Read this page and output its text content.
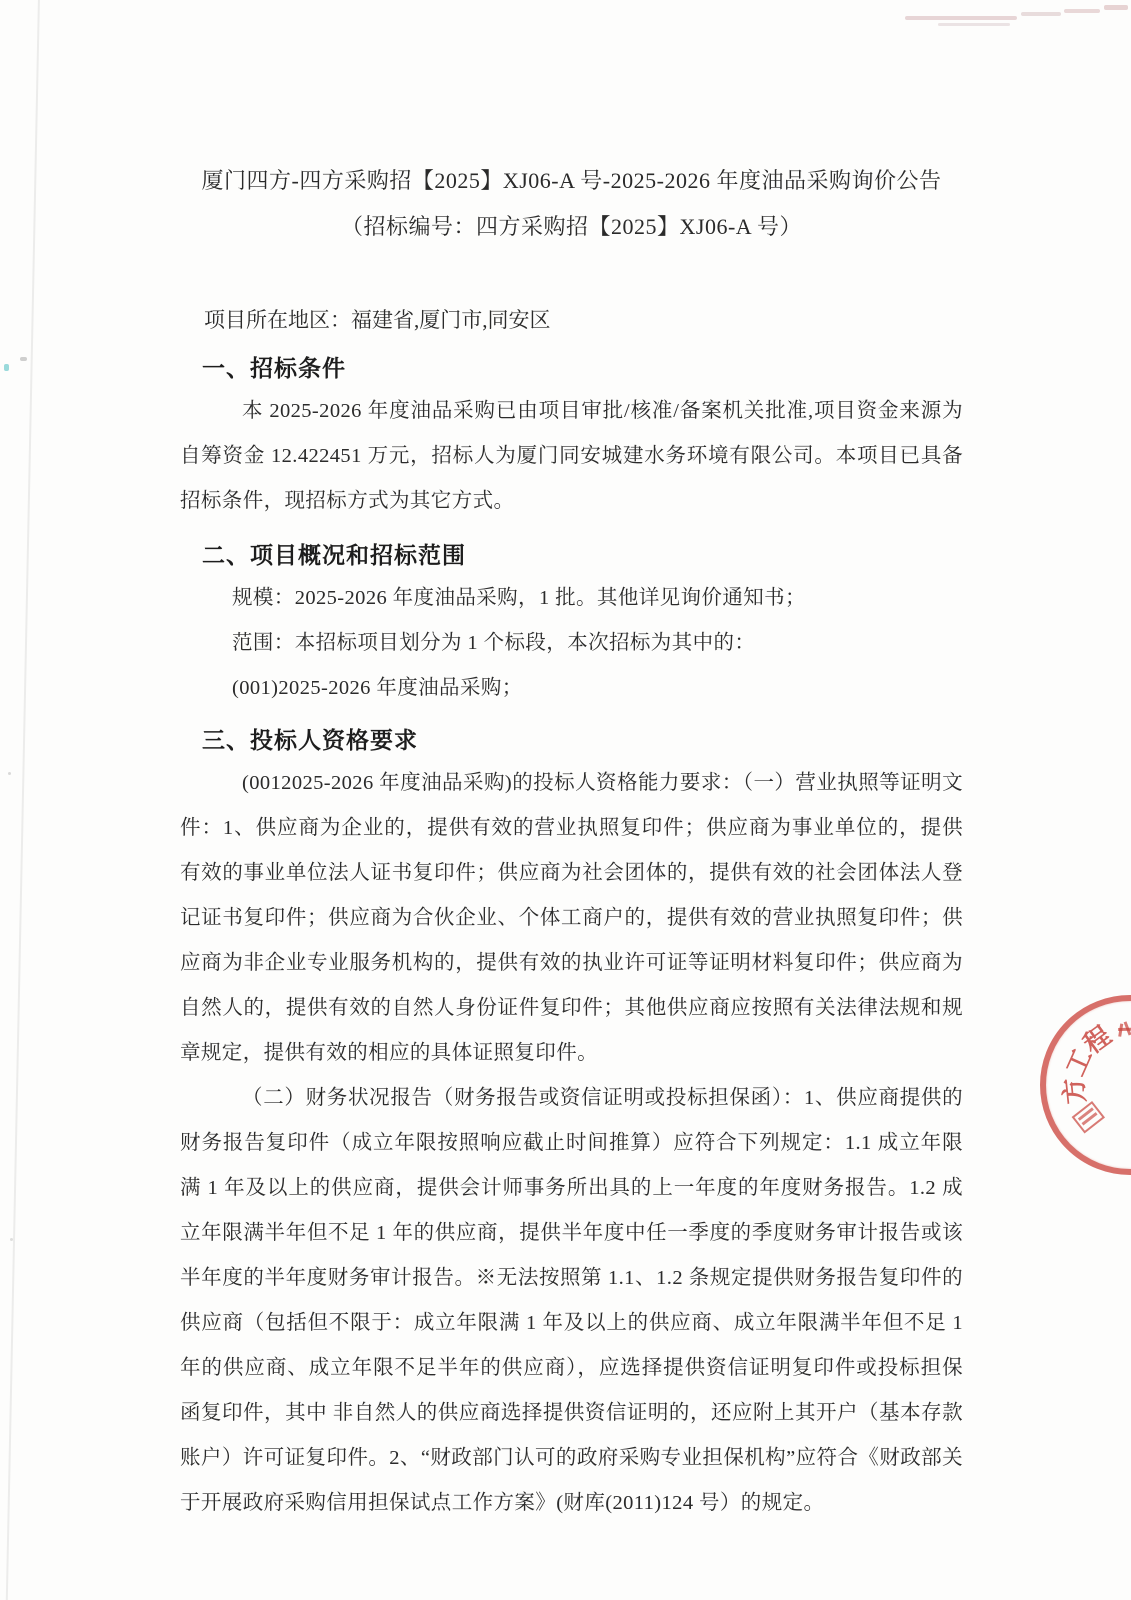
厦门四方-四方采购招【2025】XJ06-A 号-2025-2026 年度油品采购询价公告
（招标编号：四方采购招【2025】XJ06-A 号）
项目所在地区：福建省,厦门市,同安区
一、招标条件

本 2025-2026 年度油品采购已由项目审批/核准/备案机关批准,项目资金来源为自筹资金 12.422451 万元，招标人为厦门同安城建水务环境有限公司。本项目已具备招标条件，现招标方式为其它方式。

二、项目概况和招标范围
规模：2025-2026 年度油品采购，1 批。其他详见询价通知书；
范围：本招标项目划分为 1 个标段，本次招标为其中的：
(001)2025-2026 年度油品采购；
三、投标人资格要求

(0012025-2026 年度油品采购)的投标人资格能力要求：（一）营业执照等证明文件：1、供应商为企业的，提供有效的营业执照复印件；供应商为事业单位的，提供有效的事业单位法人证书复印件；供应商为社会团体的，提供有效的社会团体法人登记证书复印件；供应商为合伙企业、个体工商户的，提供有效的营业执照复印件；供应商为非企业专业服务机构的，提供有效的执业许可证等证明材料复印件；供应商为自然人的，提供有效的自然人身份证件复印件；其他供应商应按照有关法律法规和规章规定，提供有效的相应的具体证照复印件。

（二）财务状况报告（财务报告或资信证明或投标担保函）：1、供应商提供的财务报告复印件（成立年限按照响应截止时间推算）应符合下列规定：1.1 成立年限满 1 年及以上的供应商，提供会计师事务所出具的上一年度的年度财务报告。1.2 成立年限满半年但不足 1 年的供应商，提供半年度中任一季度的季度财务审计报告或该半年度的半年度财务审计报告。※无法按照第 1.1、1.2 条规定提供财务报告复印件的供应商（包括但不限于：成立年限满 1 年及以上的供应商、成立年限满半年但不足 1 年的供应商、成立年限不足半年的供应商），应选择提供资信证明复印件或投标担保 函复印件，其中 非自然人的供应商选择提供资信证明的，还应附上其开户（基本存款账户）许可证复印件。2、“财政部门认可的政府采购专业担保机构”应符合《财政部关于开展政府采购信用担保试点工作方案》(财库(2011)124 号）的规定。

程
工
方
